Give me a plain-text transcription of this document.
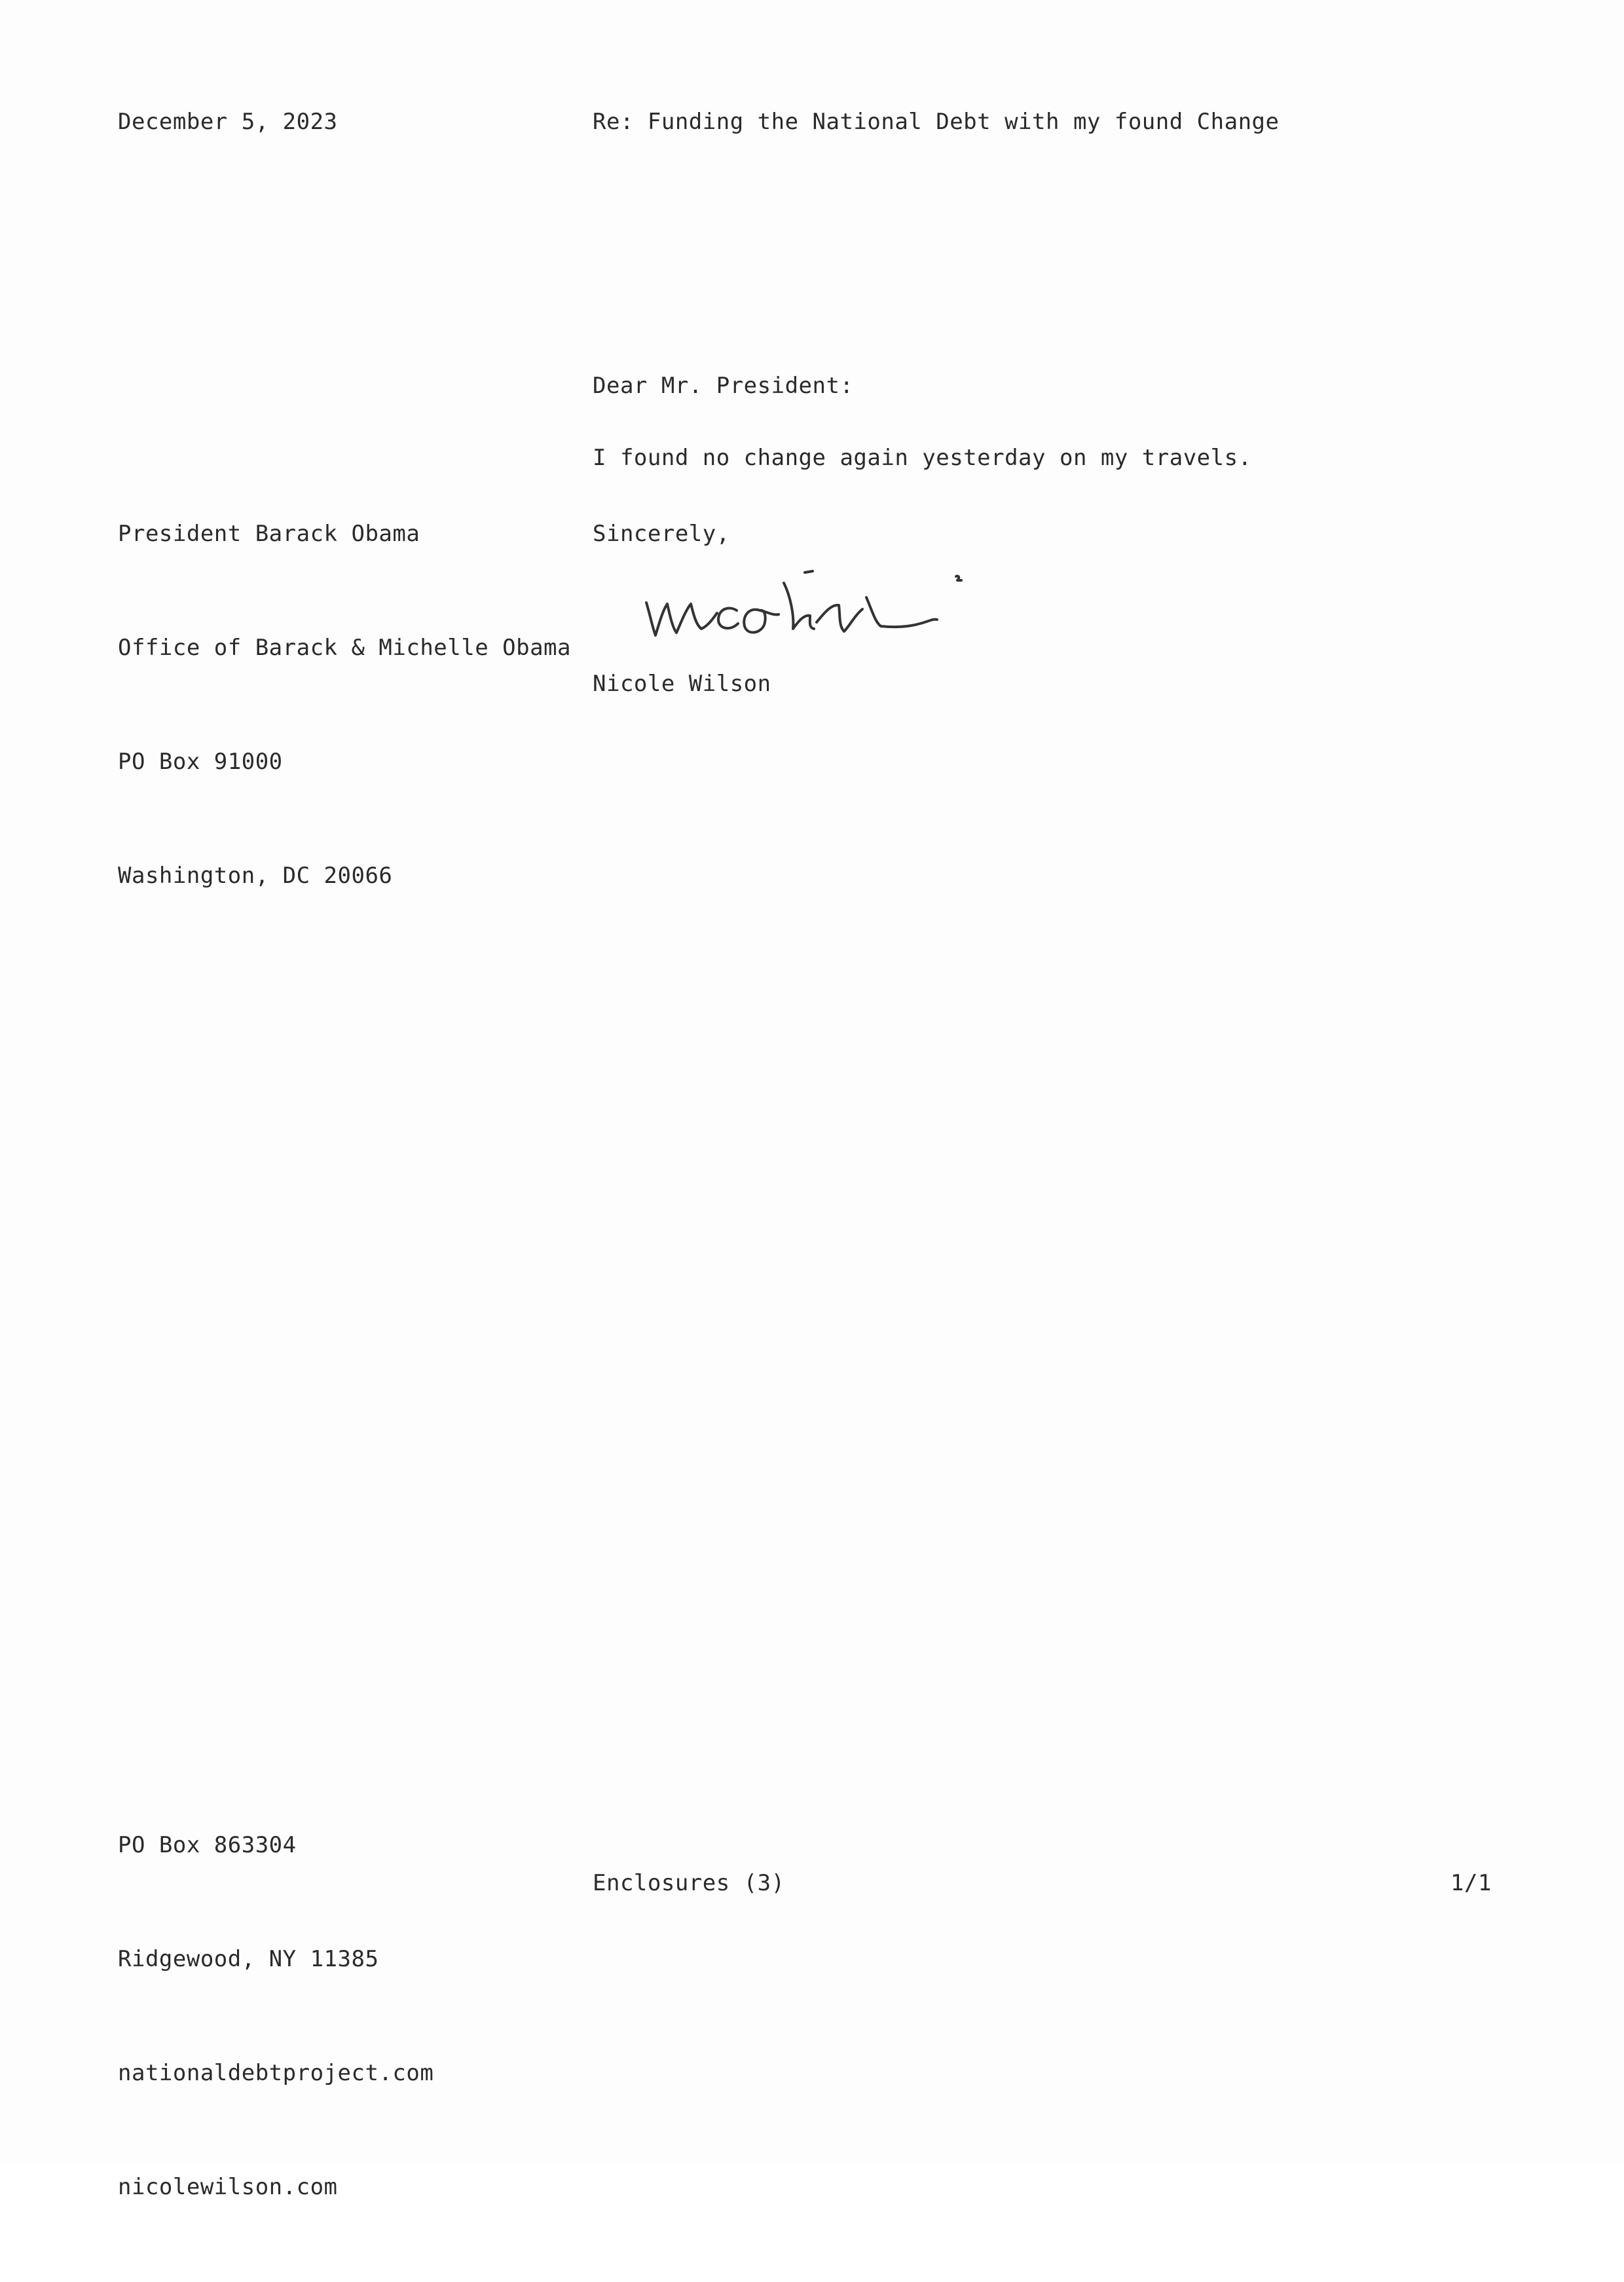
December 5, 2023	Re: Funding the National Debt with my found Change
Dear Mr. President:

President Barack Obama

Office of Barack & Michelle Obama

PO Box 91000

Washington, DC 20066

I found no change again yesterday on my travels.
Sincerely,
Nicole Wilson

PO Box 863304

Ridgewood, NY 11385

nationaldebtproject.com

nicolewilson.com

Enclosures (3)	1/1
